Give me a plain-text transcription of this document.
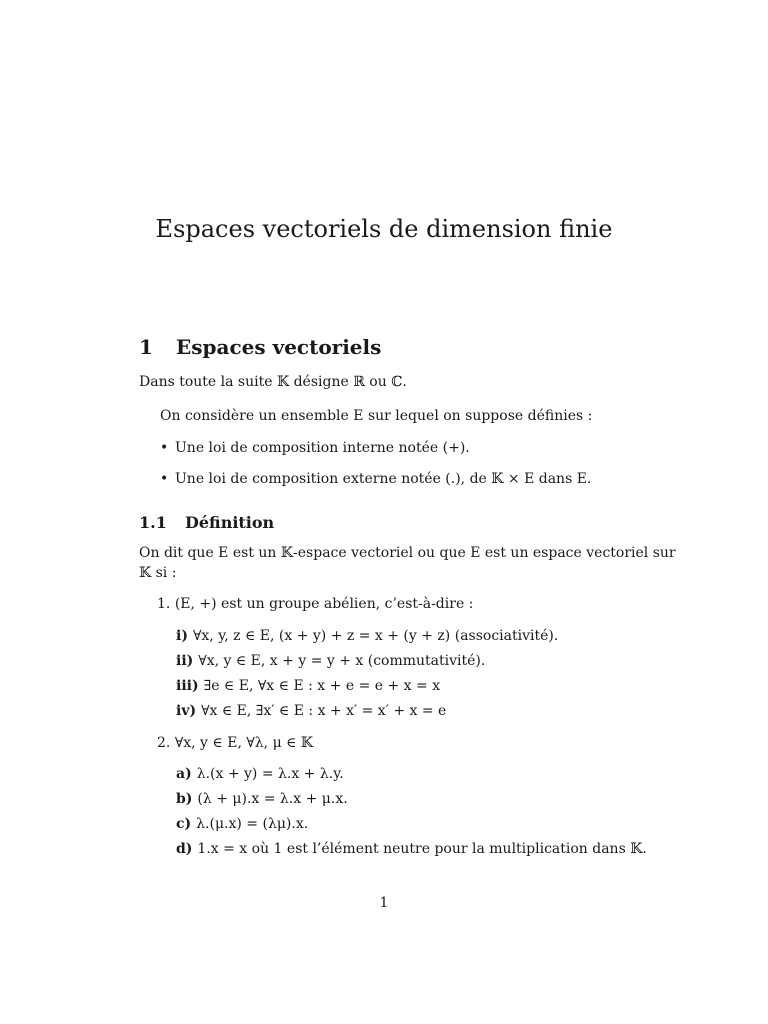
Espaces vectoriels de dimension finie
1 Espaces vectoriels

Dans toute la suite 𝕂 désigne ℝ ou ℂ.

On considère un ensemble E sur lequel on suppose définies :

• Une loi de composition interne notée (+).
• Une loi de composition externe notée (.), de 𝕂 × E dans E.
1.1 Définition

On dit que E est un 𝕂-espace vectoriel ou que E est un espace vectoriel sur

𝕂 si :

1. (E, +) est un groupe abélien, c’est-à-dire :
i) ∀x, y, z ∈ E, (x + y) + z = x + (y + z) (associativité).
ii) ∀x, y ∈ E, x + y = y + x (commutativité).
iii) ∃e ∈ E, ∀x ∈ E : x + e = e + x = x
iv) ∀x ∈ E, ∃x′ ∈ E : x + x′ = x′ + x = e
2. ∀x, y ∈ E, ∀λ, μ ∈ 𝕂
a) λ.(x + y) = λ.x + λ.y.
b) (λ + μ).x = λ.x + μ.x.
c) λ.(μ.x) = (λμ).x.
d) 1.x = x où 1 est l’élément neutre pour la multiplication dans 𝕂.
1
